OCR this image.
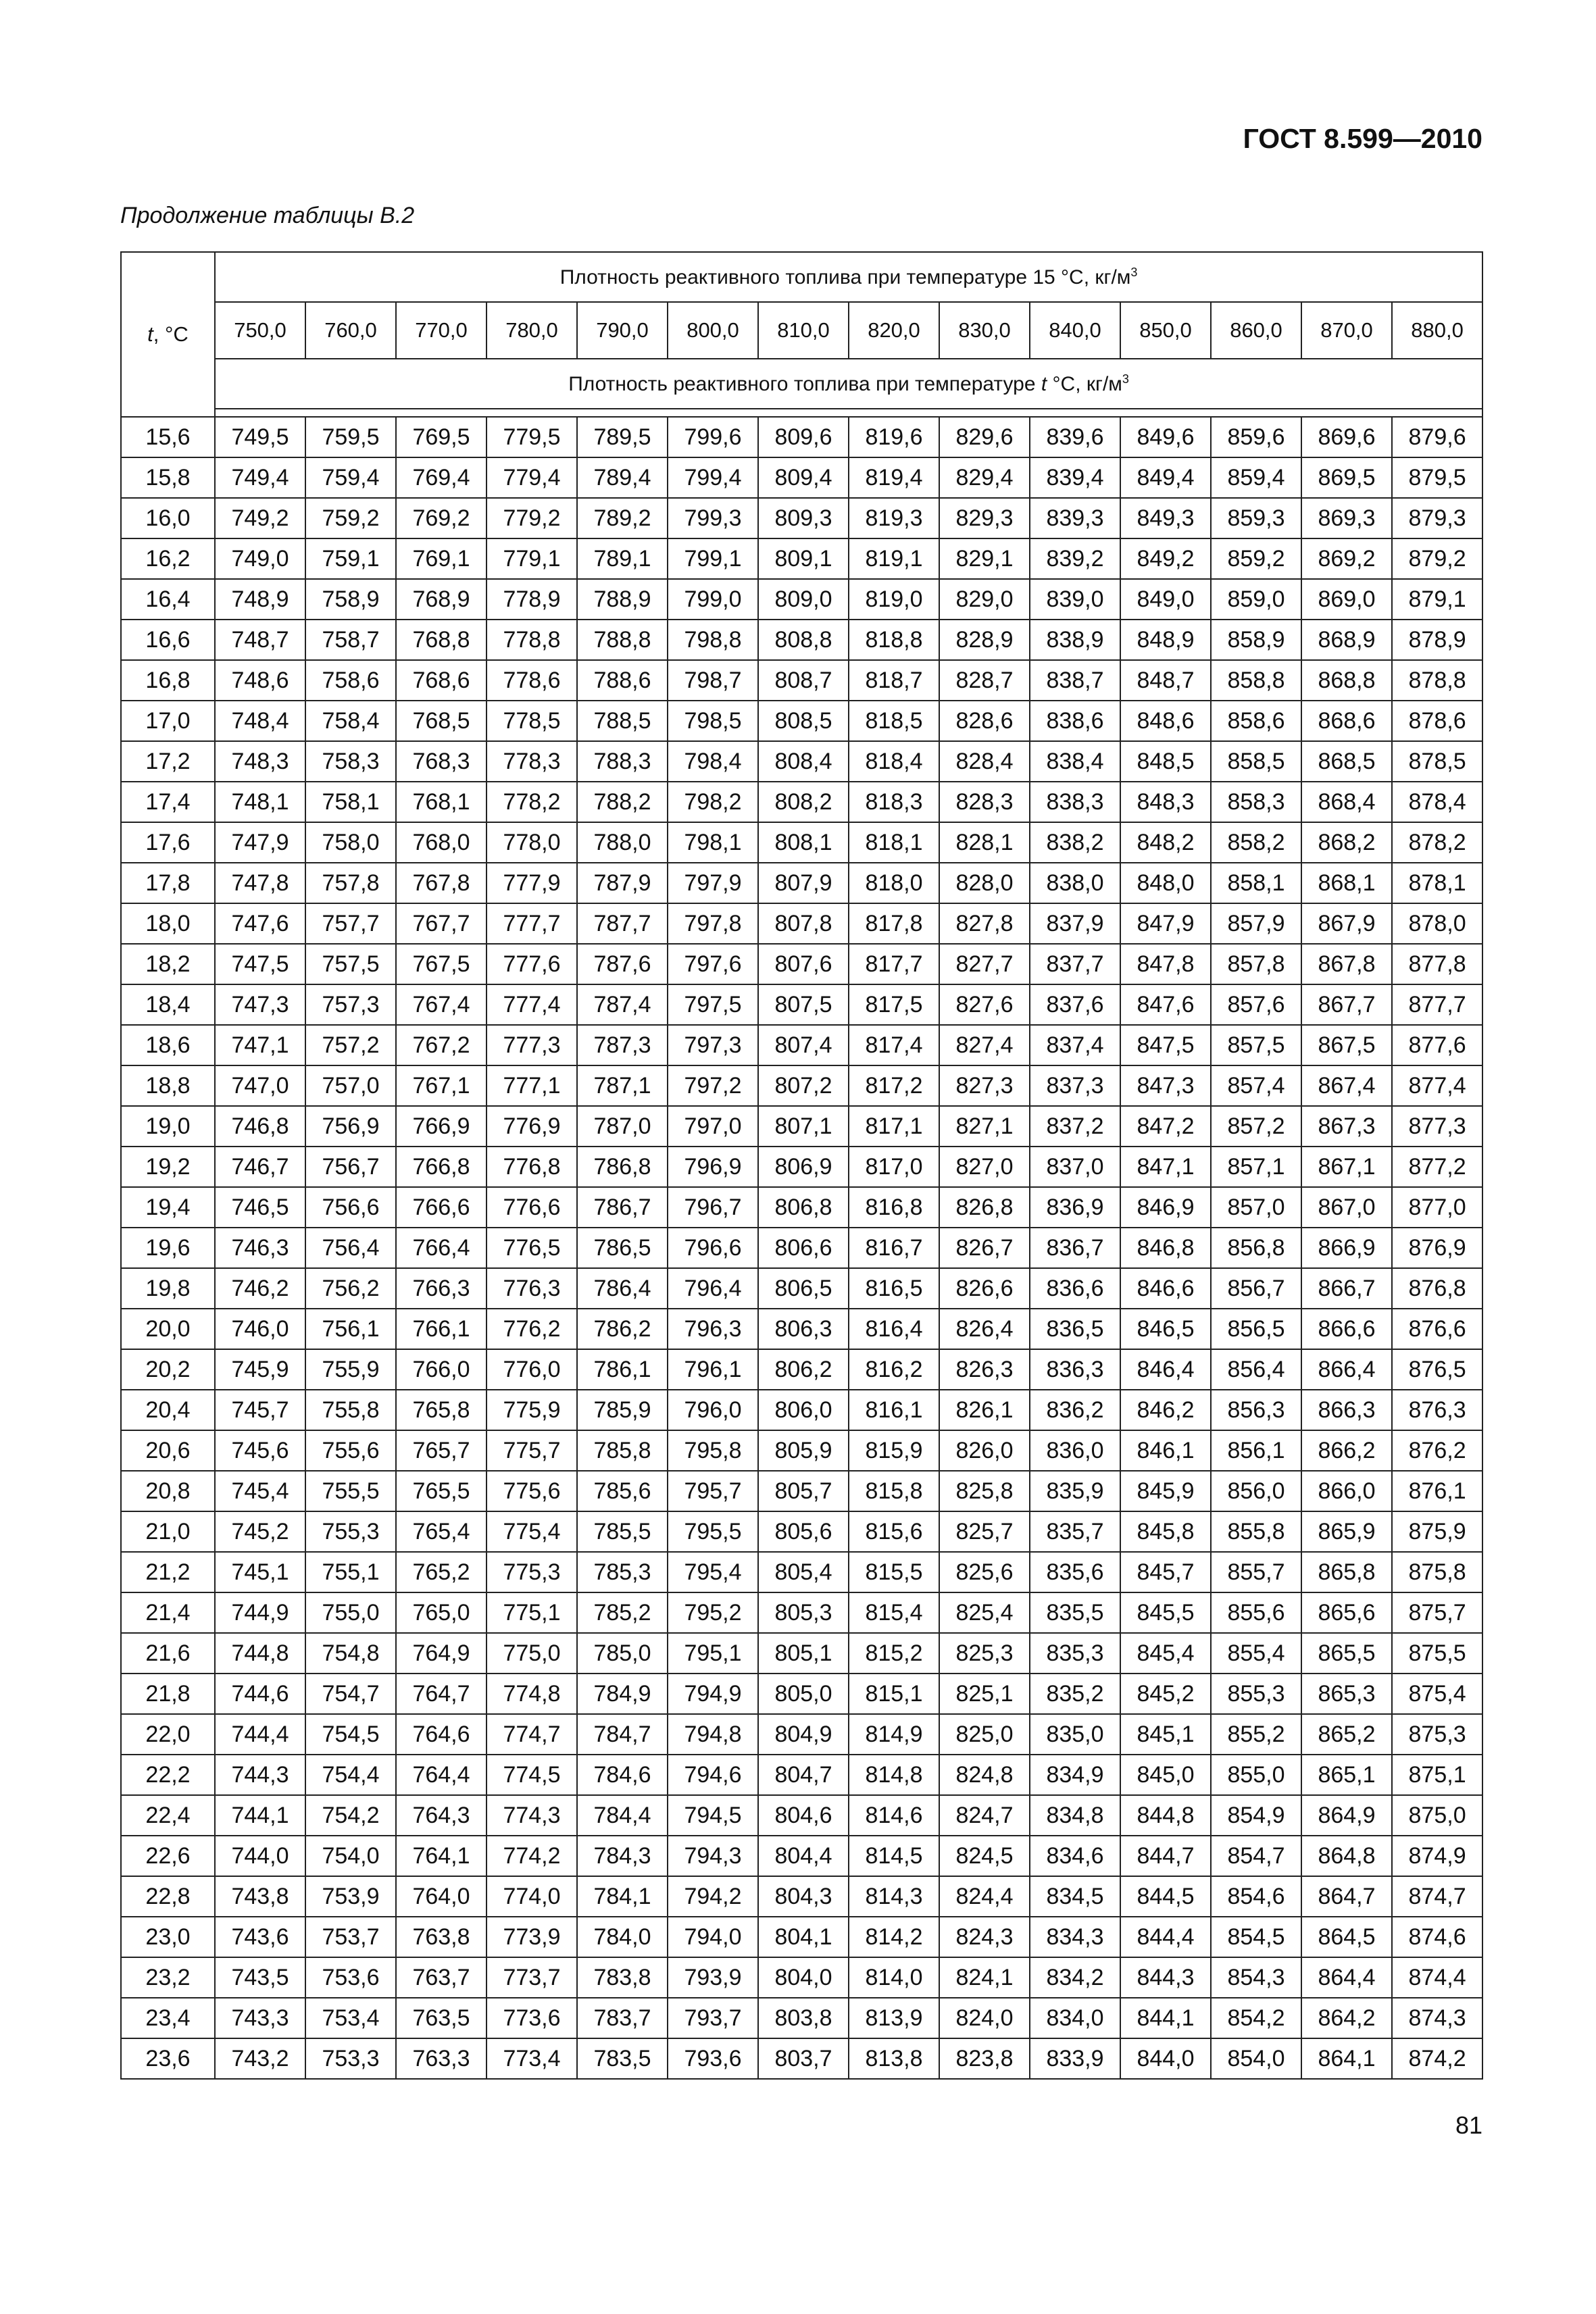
ГОСТ 8.599—2010
Продолжение таблицы В.2
t, °C	Плотность реактивного топлива при температуре 15 °C, $кг/м^3$
	750,0	760,0	770,0	780,0	790,0	800,0	810,0	820,0	830,0	840,0	850,0	860,0	870,0	880,0
	Плотность реактивного топлива при температуре t °C, $кг/м^3$

15,6	749,5	759,5	769,5	779,5	789,5	799,6	809,6	819,6	829,6	839,6	849,6	859,6	869,6	879,6
15,8	749,4	759,4	769,4	779,4	789,4	799,4	809,4	819,4	829,4	839,4	849,4	859,4	869,5	879,5
16,0	749,2	759,2	769,2	779,2	789,2	799,3	809,3	819,3	829,3	839,3	849,3	859,3	869,3	879,3
16,2	749,0	759,1	769,1	779,1	789,1	799,1	809,1	819,1	829,1	839,2	849,2	859,2	869,2	879,2
16,4	748,9	758,9	768,9	778,9	788,9	799,0	809,0	819,0	829,0	839,0	849,0	859,0	869,0	879,1
16,6	748,7	758,7	768,8	778,8	788,8	798,8	808,8	818,8	828,9	838,9	848,9	858,9	868,9	878,9
16,8	748,6	758,6	768,6	778,6	788,6	798,7	808,7	818,7	828,7	838,7	848,7	858,8	868,8	878,8
17,0	748,4	758,4	768,5	778,5	788,5	798,5	808,5	818,5	828,6	838,6	848,6	858,6	868,6	878,6
17,2	748,3	758,3	768,3	778,3	788,3	798,4	808,4	818,4	828,4	838,4	848,5	858,5	868,5	878,5
17,4	748,1	758,1	768,1	778,2	788,2	798,2	808,2	818,3	828,3	838,3	848,3	858,3	868,4	878,4
17,6	747,9	758,0	768,0	778,0	788,0	798,1	808,1	818,1	828,1	838,2	848,2	858,2	868,2	878,2
17,8	747,8	757,8	767,8	777,9	787,9	797,9	807,9	818,0	828,0	838,0	848,0	858,1	868,1	878,1
18,0	747,6	757,7	767,7	777,7	787,7	797,8	807,8	817,8	827,8	837,9	847,9	857,9	867,9	878,0
18,2	747,5	757,5	767,5	777,6	787,6	797,6	807,6	817,7	827,7	837,7	847,8	857,8	867,8	877,8
18,4	747,3	757,3	767,4	777,4	787,4	797,5	807,5	817,5	827,6	837,6	847,6	857,6	867,7	877,7
18,6	747,1	757,2	767,2	777,3	787,3	797,3	807,4	817,4	827,4	837,4	847,5	857,5	867,5	877,6
18,8	747,0	757,0	767,1	777,1	787,1	797,2	807,2	817,2	827,3	837,3	847,3	857,4	867,4	877,4
19,0	746,8	756,9	766,9	776,9	787,0	797,0	807,1	817,1	827,1	837,2	847,2	857,2	867,3	877,3
19,2	746,7	756,7	766,8	776,8	786,8	796,9	806,9	817,0	827,0	837,0	847,1	857,1	867,1	877,2
19,4	746,5	756,6	766,6	776,6	786,7	796,7	806,8	816,8	826,8	836,9	846,9	857,0	867,0	877,0
19,6	746,3	756,4	766,4	776,5	786,5	796,6	806,6	816,7	826,7	836,7	846,8	856,8	866,9	876,9
19,8	746,2	756,2	766,3	776,3	786,4	796,4	806,5	816,5	826,6	836,6	846,6	856,7	866,7	876,8
20,0	746,0	756,1	766,1	776,2	786,2	796,3	806,3	816,4	826,4	836,5	846,5	856,5	866,6	876,6
20,2	745,9	755,9	766,0	776,0	786,1	796,1	806,2	816,2	826,3	836,3	846,4	856,4	866,4	876,5
20,4	745,7	755,8	765,8	775,9	785,9	796,0	806,0	816,1	826,1	836,2	846,2	856,3	866,3	876,3
20,6	745,6	755,6	765,7	775,7	785,8	795,8	805,9	815,9	826,0	836,0	846,1	856,1	866,2	876,2
20,8	745,4	755,5	765,5	775,6	785,6	795,7	805,7	815,8	825,8	835,9	845,9	856,0	866,0	876,1
21,0	745,2	755,3	765,4	775,4	785,5	795,5	805,6	815,6	825,7	835,7	845,8	855,8	865,9	875,9
21,2	745,1	755,1	765,2	775,3	785,3	795,4	805,4	815,5	825,6	835,6	845,7	855,7	865,8	875,8
21,4	744,9	755,0	765,0	775,1	785,2	795,2	805,3	815,4	825,4	835,5	845,5	855,6	865,6	875,7
21,6	744,8	754,8	764,9	775,0	785,0	795,1	805,1	815,2	825,3	835,3	845,4	855,4	865,5	875,5
21,8	744,6	754,7	764,7	774,8	784,9	794,9	805,0	815,1	825,1	835,2	845,2	855,3	865,3	875,4
22,0	744,4	754,5	764,6	774,7	784,7	794,8	804,9	814,9	825,0	835,0	845,1	855,2	865,2	875,3
22,2	744,3	754,4	764,4	774,5	784,6	794,6	804,7	814,8	824,8	834,9	845,0	855,0	865,1	875,1
22,4	744,1	754,2	764,3	774,3	784,4	794,5	804,6	814,6	824,7	834,8	844,8	854,9	864,9	875,0
22,6	744,0	754,0	764,1	774,2	784,3	794,3	804,4	814,5	824,5	834,6	844,7	854,7	864,8	874,9
22,8	743,8	753,9	764,0	774,0	784,1	794,2	804,3	814,3	824,4	834,5	844,5	854,6	864,7	874,7
23,0	743,6	753,7	763,8	773,9	784,0	794,0	804,1	814,2	824,3	834,3	844,4	854,5	864,5	874,6
23,2	743,5	753,6	763,7	773,7	783,8	793,9	804,0	814,0	824,1	834,2	844,3	854,3	864,4	874,4
23,4	743,3	753,4	763,5	773,6	783,7	793,7	803,8	813,9	824,0	834,0	844,1	854,2	864,2	874,3
23,6	743,2	753,3	763,3	773,4	783,5	793,6	803,7	813,8	823,8	833,9	844,0	854,0	864,1	874,2
81
